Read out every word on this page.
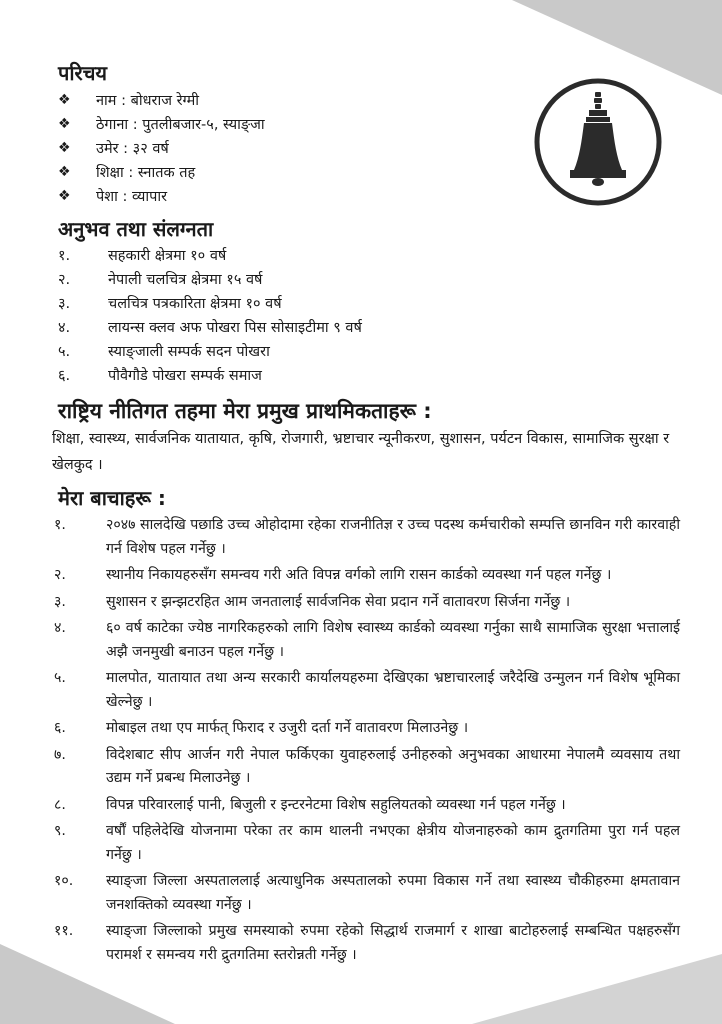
परिचय
❖	नाम : बोधराज रेग्मी
❖	ठेगाना : पुतलीबजार-५, स्याङ्जा
❖	उमेर : ३२ वर्ष
❖	शिक्षा : स्नातक तह
❖	पेशा : व्यापार
अनुभव तथा संलग्नता
१.	सहकारी क्षेत्रमा १० वर्ष
२.	नेपाली चलचित्र क्षेत्रमा १५ वर्ष
३.	चलचित्र पत्रकारिता क्षेत्रमा १० वर्ष
४.	लायन्स क्लव अफ पोखरा पिस सोसाइटीमा ९ वर्ष
५.	स्याङ्जाली सम्पर्क सदन पोखरा
६.	पौवैगौडे पोखरा सम्पर्क समाज
राष्ट्रिय नीतिगत तहमा मेरा प्रमुख प्राथमिकताहरू :

शिक्षा, स्वास्थ्य, सार्वजनिक यातायात, कृषि, रोजगारी, भ्रष्टाचार न्यूनीकरण, सुशासन, पर्यटन विकास, सामाजिक सुरक्षा र खेलकुद ।

मेरा बाचाहरू :
१.	२०४७ सालदेखि पछाडि उच्च ओहोदामा रहेका राजनीतिज्ञ र उच्च पदस्थ कर्मचारीको सम्पत्ति छानविन गरी कारवाही गर्न विशेष पहल गर्नेछु ।
२.	स्थानीय निकायहरुसँग समन्वय गरी अति विपन्न वर्गको लागि रासन कार्डको व्यवस्था गर्न पहल गर्नेछु ।
३.	सुशासन र झन्झटरहित आम जनतालाई सार्वजनिक सेवा प्रदान गर्ने वातावरण सिर्जना गर्नेछु ।
४.	६० वर्ष काटेका ज्येष्ठ नागरिकहरुको लागि विशेष स्वास्थ्य कार्डको व्यवस्था गर्नुका साथै सामाजिक सुरक्षा भत्तालाई अझै जनमुखी बनाउन पहल गर्नेछु ।
५.	मालपोत, यातायात तथा अन्य सरकारी कार्यालयहरुमा देखिएका भ्रष्टाचारलाई जरैदेखि उन्मुलन गर्न विशेष भूमिका खेल्नेछु ।
६.	मोबाइल तथा एप मार्फत् फिराद र उजुरी दर्ता गर्ने वातावरण मिलाउनेछु ।
७.	विदेशबाट सीप आर्जन गरी नेपाल फर्किएका युवाहरुलाई उनीहरुको अनुभवका आधारमा नेपालमै व्यवसाय तथा उद्यम गर्ने प्रबन्ध मिलाउनेछु ।
८.	विपन्न परिवारलाई पानी, बिजुली र इन्टरनेटमा विशेष सहुलियतको व्यवस्था गर्न पहल गर्नेछु ।
९.	वर्षौं पहिलेदेखि योजनामा परेका तर काम थालनी नभएका क्षेत्रीय योजनाहरुको काम द्रुतगतिमा पुरा गर्न पहल गर्नेछु ।
१०.	स्याङ्जा जिल्ला अस्पताललाई अत्याधुनिक अस्पतालको रुपमा विकास गर्ने तथा स्वास्थ्य चौकीहरुमा क्षमतावान जनशक्तिको व्यवस्था गर्नेछु ।
११.	स्याङ्जा जिल्लाको प्रमुख समस्याको रुपमा रहेको सिद्धार्थ राजमार्ग र शाखा बाटोहरुलाई सम्बन्धित पक्षहरुसँग परामर्श र समन्वय गरी द्रुतगतिमा स्तरोन्नती गर्नेछु ।
